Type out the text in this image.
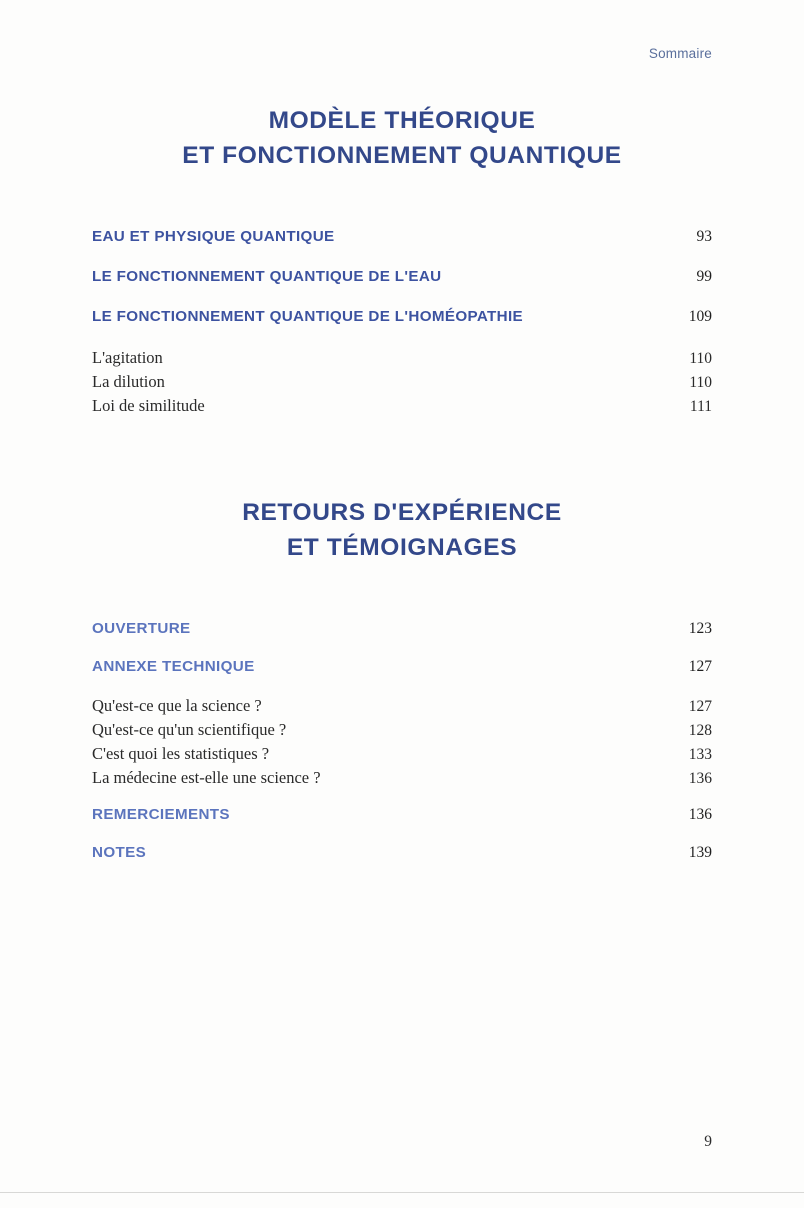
Sommaire
MODÈLE THÉORIQUE
ET FONCTIONNEMENT QUANTIQUE
EAU ET PHYSIQUE QUANTIQUE	93
LE FONCTIONNEMENT QUANTIQUE DE L'EAU	99
LE FONCTIONNEMENT QUANTIQUE DE L'HOMÉOPATHIE	109
L'agitation	110
La dilution	110
Loi de similitude	111
RETOURS D'EXPÉRIENCE
ET TÉMOIGNAGES
OUVERTURE	123
ANNEXE TECHNIQUE	127
Qu'est-ce que la science ?	127
Qu'est-ce qu'un scientifique ?	128
C'est quoi les statistiques ?	133
La médecine est-elle une science ?	136
REMERCIEMENTS	136
NOTES	139
9
